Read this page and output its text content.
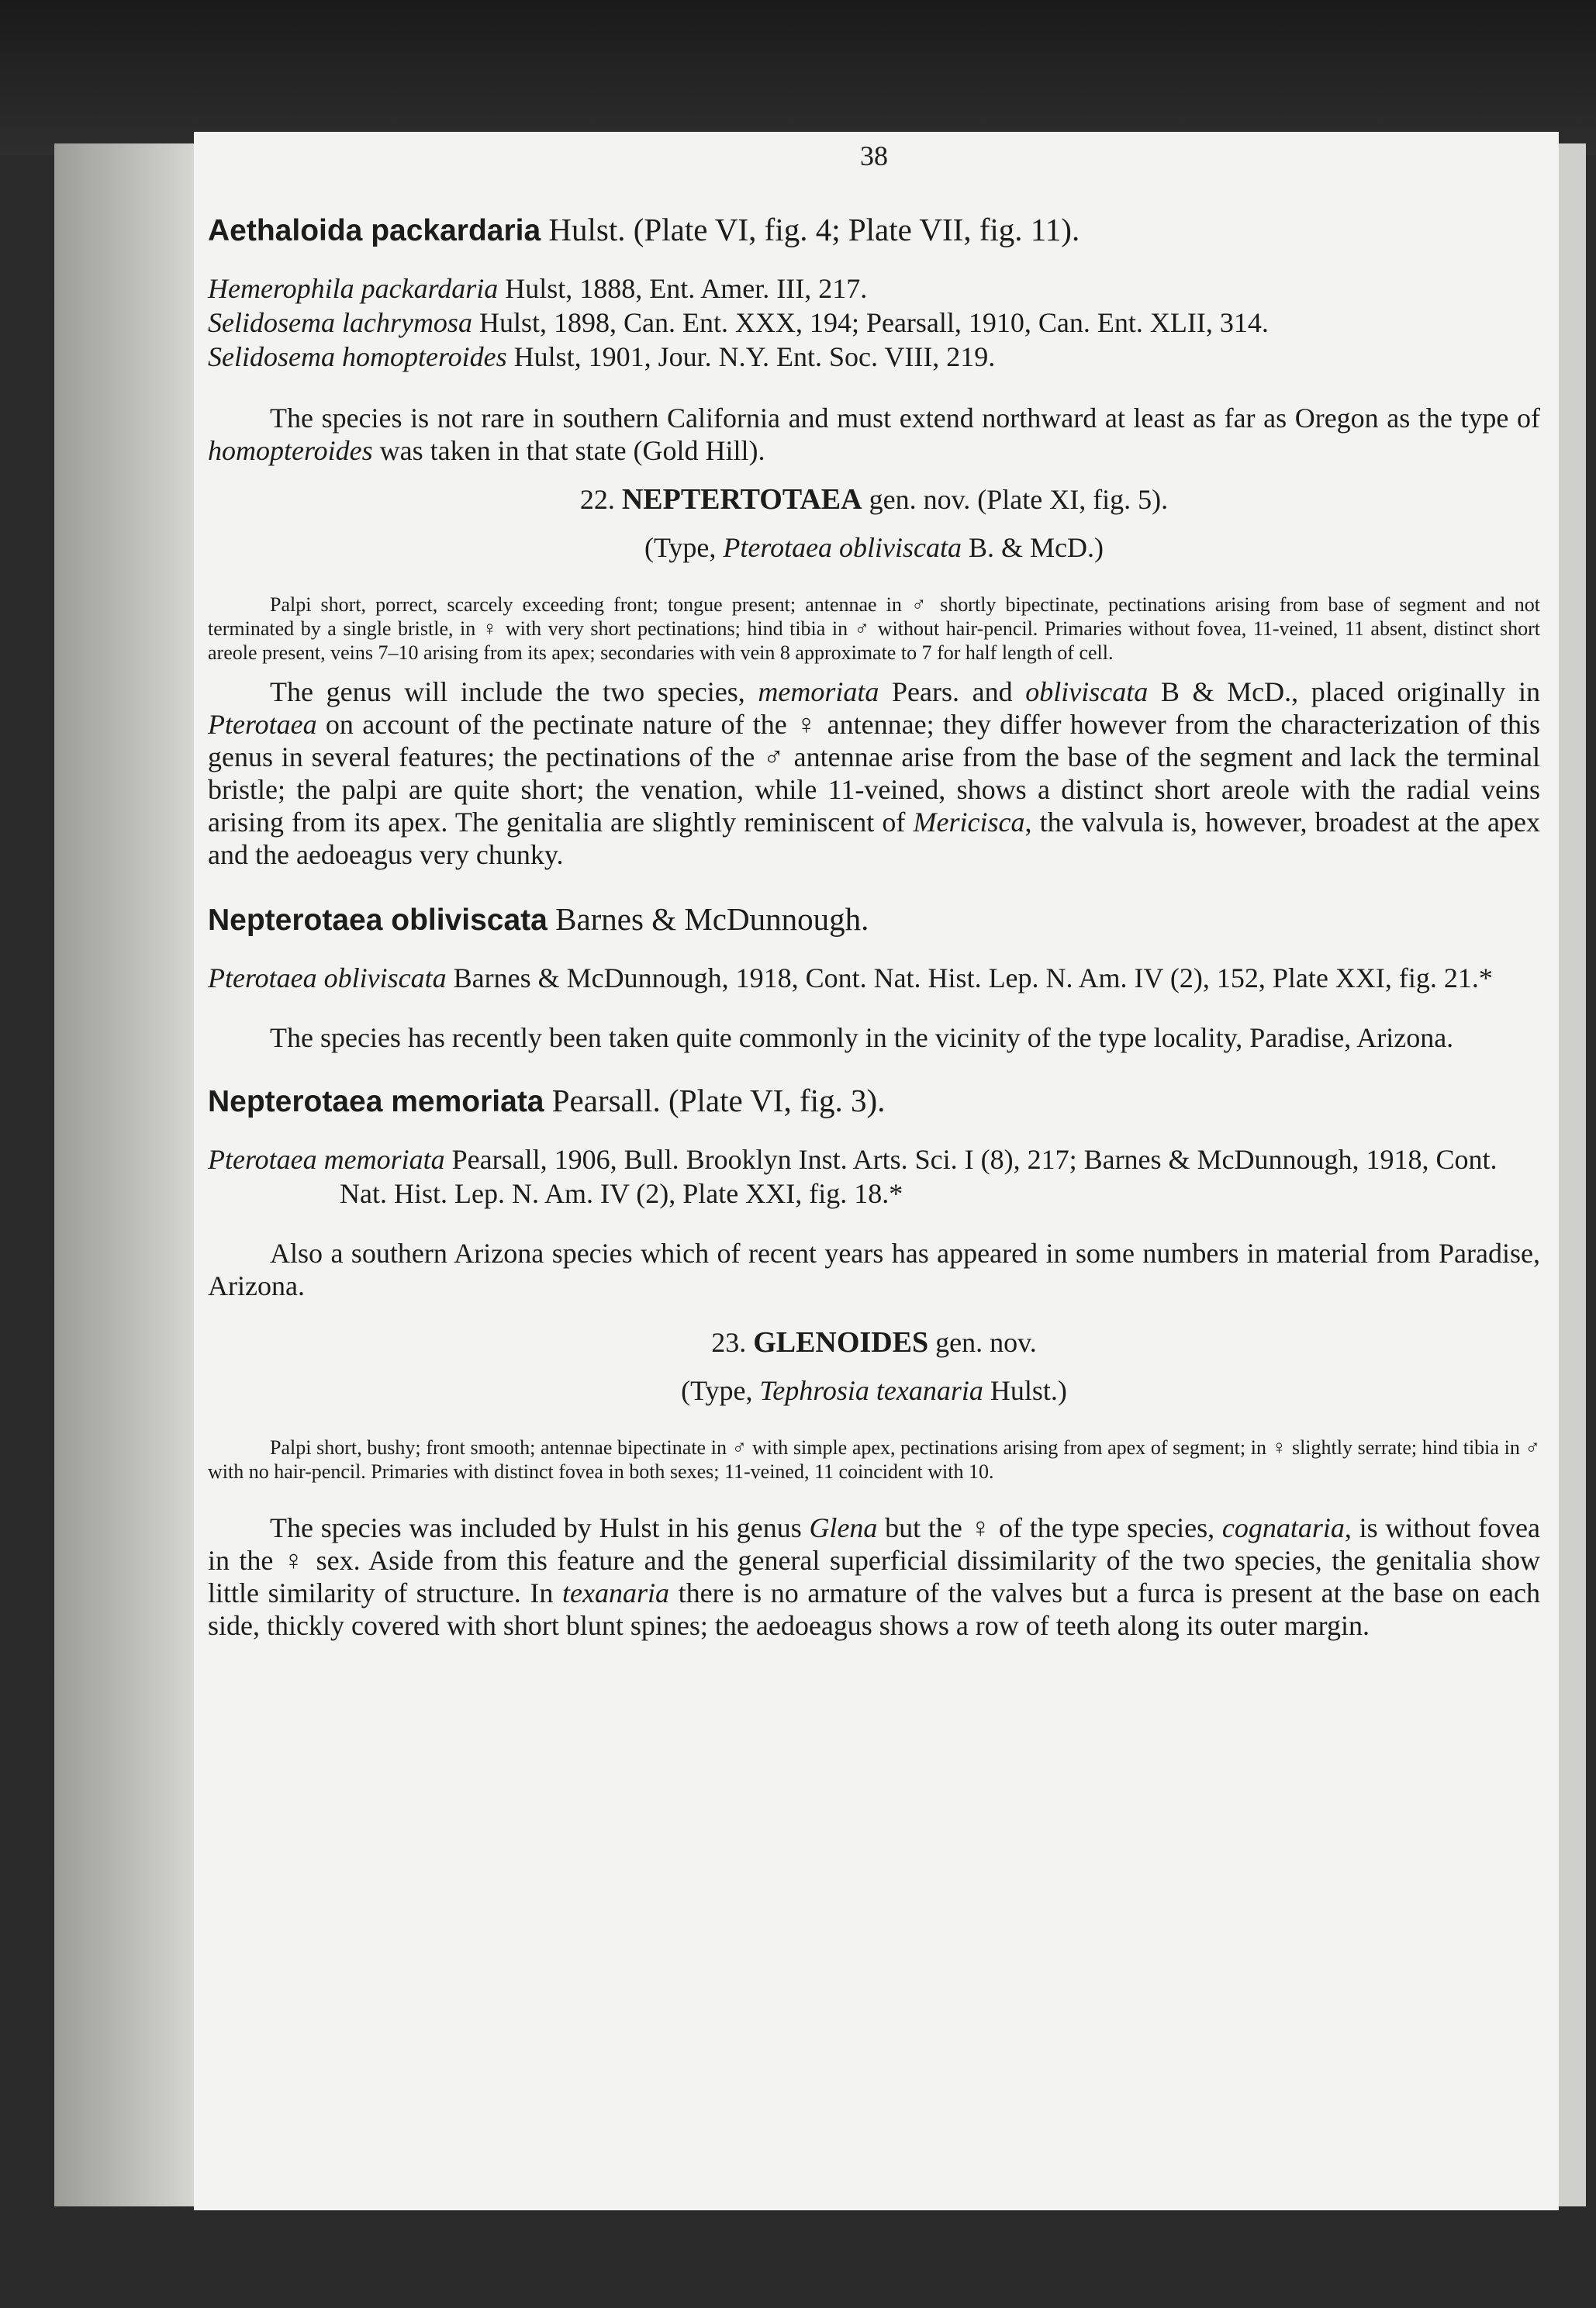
38

Aethaloida packardaria Hulst. (Plate VI, fig. 4; Plate VII, fig. 11).

Hemerophila packardaria Hulst, 1888, Ent. Amer. III, 217.

Selidosema lachrymosa Hulst, 1898, Can. Ent. XXX, 194; Pearsall, 1910, Can. Ent. XLII, 314.

Selidosema homopteroides Hulst, 1901, Jour. N.Y. Ent. Soc. VIII, 219.

The species is not rare in southern California and must extend northward at least as far as Oregon as the type of homopteroides was taken in that state (Gold Hill).

22. NEPTERTOTAEA gen. nov. (Plate XI, fig. 5).

(Type, Pterotaea obliviscata B. & McD.)

Palpi short, porrect, scarcely exceeding front; tongue present; antennae in ♂ shortly bipectinate, pectinations arising from base of segment and not terminated by a single bristle, in ♀ with very short pectinations; hind tibia in ♂ without hair-pencil. Primaries without fovea, 11-veined, 11 absent, distinct short areole present, veins 7–10 arising from its apex; secondaries with vein 8 approximate to 7 for half length of cell.

The genus will include the two species, memoriata Pears. and obliviscata B & McD., placed originally in Pterotaea on account of the pectinate nature of the ♀ antennae; they differ however from the characterization of this genus in several features; the pectinations of the ♂ antennae arise from the base of the segment and lack the terminal bristle; the palpi are quite short; the venation, while 11-veined, shows a distinct short areole with the radial veins arising from its apex. The genitalia are slightly reminiscent of Mericisca, the valvula is, however, broadest at the apex and the aedoeagus very chunky.

Nepterotaea obliviscata Barnes & McDunnough.

Pterotaea obliviscata Barnes & McDunnough, 1918, Cont. Nat. Hist. Lep. N. Am. IV (2), 152, Plate XXI, fig. 21.*

The species has recently been taken quite commonly in the vicinity of the type locality, Paradise, Arizona.

Nepterotaea memoriata Pearsall. (Plate VI, fig. 3).

Pterotaea memoriata Pearsall, 1906, Bull. Brooklyn Inst. Arts. Sci. I (8), 217; Barnes & McDunnough, 1918, Cont. Nat. Hist. Lep. N. Am. IV (2), Plate XXI, fig. 18.*

Also a southern Arizona species which of recent years has appeared in some numbers in material from Paradise, Arizona.

23. GLENOIDES gen. nov.

(Type, Tephrosia texanaria Hulst.)

Palpi short, bushy; front smooth; antennae bipectinate in ♂ with simple apex, pectinations arising from apex of segment; in ♀ slightly serrate; hind tibia in ♂ with no hair-pencil. Primaries with distinct fovea in both sexes; 11-veined, 11 coincident with 10.

The species was included by Hulst in his genus Glena but the ♀ of the type species, cognataria, is without fovea in the ♀ sex. Aside from this feature and the general superficial dissimilarity of the two species, the genitalia show little similarity of structure. In texanaria there is no armature of the valves but a furca is present at the base on each side, thickly covered with short blunt spines; the aedoeagus shows a row of teeth along its outer margin.
